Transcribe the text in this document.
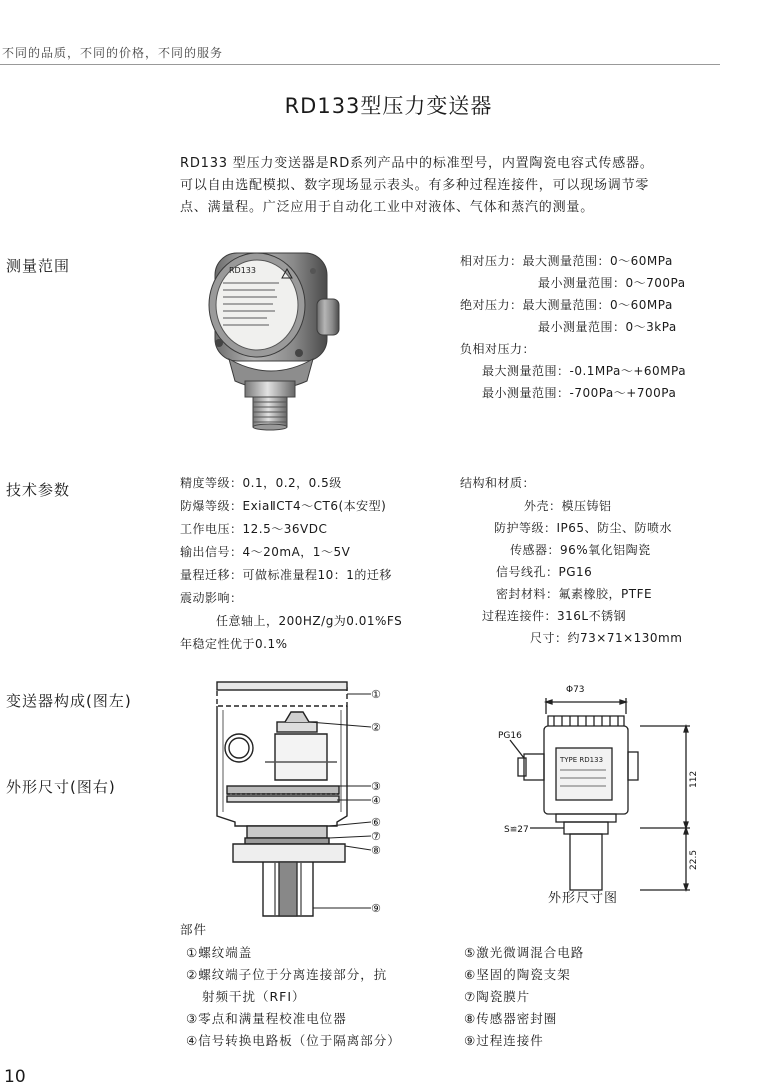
不同的品质，不同的价格，不同的服务
RD133型压力变送器
RD133 型压力变送器是RD系列产品中的标准型号，内置陶瓷电容式传感器。
可以自由选配模拟、数字现场显示表头。有多种过程连接件，可以现场调节零
点、满量程。广泛应用于自动化工业中对液体、气体和蒸汽的测量。
测量范围
技术参数
变送器构成(图左)
外形尺寸(图右)
RD133
相对压力：最大测量范围：0～60MPa
最小测量范围：0～700Pa
绝对压力：最大测量范围：0～60MPa
最小测量范围：0～3kPa
负相对压力：
最大测量范围：-0.1MPa～+60MPa
最小测量范围：-700Pa～+700Pa
精度等级：0.1，0.2，0.5级
防爆等级：ExiaⅡCT4～CT6(本安型)
工作电压：12.5～36VDC
输出信号：4～20mA，1～5V
量程迁移：可做标准量程10：1的迁移
震动影响：
任意轴上，200HZ/g为0.01%FS
年稳定性优于0.1%
结构和材质：
外壳：模压铸铝
防护等级：IP65、防尘、防喷水
传感器：96%氧化铝陶瓷
信号线孔：PG16
密封材料：氟素橡胶，PTFE
过程连接件：316L不锈钢
尺寸：约73×71×130mm
①
②
③
④
⑥
⑦
⑧
⑨
TYPE RD133
Φ73
PG16
S≌27
112
22.5
外形尺寸图
部件
①螺纹端盖
②螺纹端子位于分离连接部分，抗
射频干扰（RFI）
③零点和满量程校准电位器
④信号转换电路板（位于隔离部分）
⑤激光微调混合电路
⑥坚固的陶瓷支架
⑦陶瓷膜片
⑧传感器密封圈
⑨过程连接件
10
